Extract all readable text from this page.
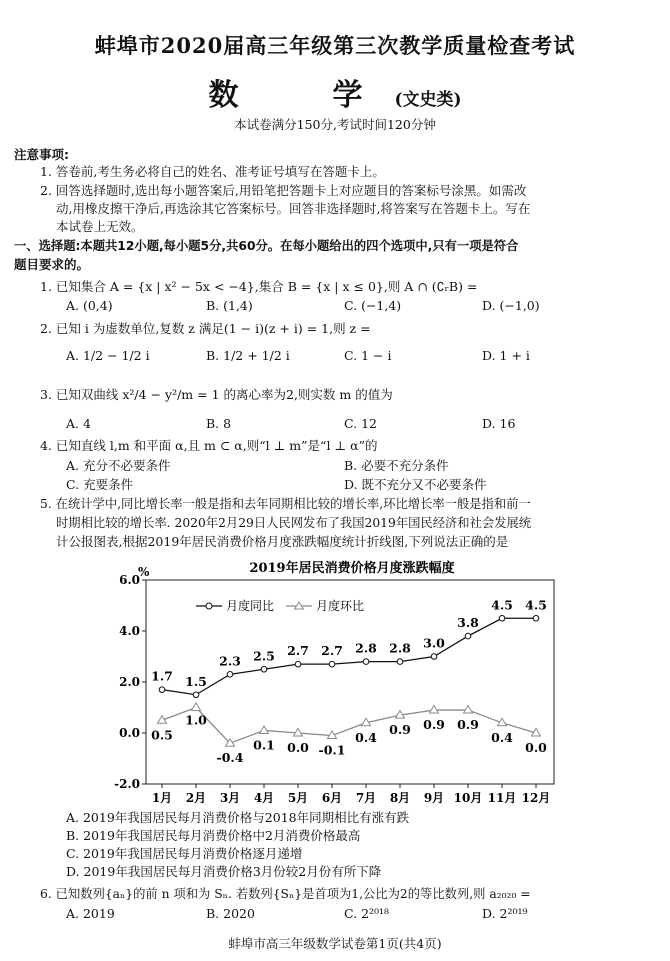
蚌埠市2020届高三年级第三次教学质量检查考试
数　学(文史类)
本试卷满分150分,考试时间120分钟
注意事项:
1. 答卷前,考生务必将自己的姓名、准考证号填写在答题卡上。
2. 回答选择题时,选出每小题答案后,用铅笔把答题卡上对应题目的答案标号涂黑。如需改
动,用橡皮擦干净后,再选涂其它答案标号。回答非选择题时,将答案写在答题卡上。写在
本试卷上无效。
一、选择题:本题共12小题,每小题5分,共60分。在每小题给出的四个选项中,只有一项是符合
题目要求的。
1. 已知集合 A = {x | x² − 5x < −4},集合 B = {x | x ≤ 0},则 A ∩ (∁ᵣB) =
A. (0,4)	B. (1,4)	C. (−1,4)	D. (−1,0)
2. 已知 i 为虚数单位,复数 z 满足(1 − i)(z + i) = 1,则 z =
A. 1/2 − 1/2 i	B. 1/2 + 1/2 i	C. 1 − i	D. 1 + i
3. 已知双曲线 x²/4 − y²/m = 1 的离心率为2,则实数 m 的值为
A. 4	B. 8	C. 12	D. 16
4. 已知直线 l,m 和平面 α,且 m ⊂ α,则“l ⊥ m”是“l ⊥ α”的
A. 充分不必要条件	B. 必要不充分条件
C. 充要条件	D. 既不充分又不必要条件
5. 在统计学中,同比增长率一般是指和去年同期相比较的增长率,环比增长率一般是指和前一
时期相比较的增长率. 2020年2月29日人民网发布了我国2019年国民经济和社会发展统
计公报图表,根据2019年居民消费价格月度涨跌幅度统计折线图,下列说法正确的是
2019年居民消费价格月度涨跌幅度
%
月度同比	月度环比
6.0
4.0
2.0
0.0
-2.0
1月 2月 3月 4月 5月 6月 7月 8月 9月 10月 11月 12月
1.7 1.5
2.3 2.5 2.7 2.7 2.8 2.8 3.0
3.8
4.5 4.5
0.5
1.0
-0.4
0.1 0.0 -0.1
0.4
0.9 0.9 0.9
0.4
0.0
A. 2019年我国居民每月消费价格与2018年同期相比有涨有跌
B. 2019年我国居民每月消费价格中2月消费价格最高
C. 2019年我国居民每月消费价格逐月递增
D. 2019年我国居民每月消费价格3月份较2月份有所下降
6. 已知数列{aₙ}的前 n 项和为 Sₙ. 若数列{Sₙ}是首项为1,公比为2的等比数列,则 a₂₀₂₀ =
A. 2019	B. 2020	C. 2²⁰¹⁸	D. 2²⁰¹⁹
蚌埠市高三年级数学试卷第1页(共4页)
